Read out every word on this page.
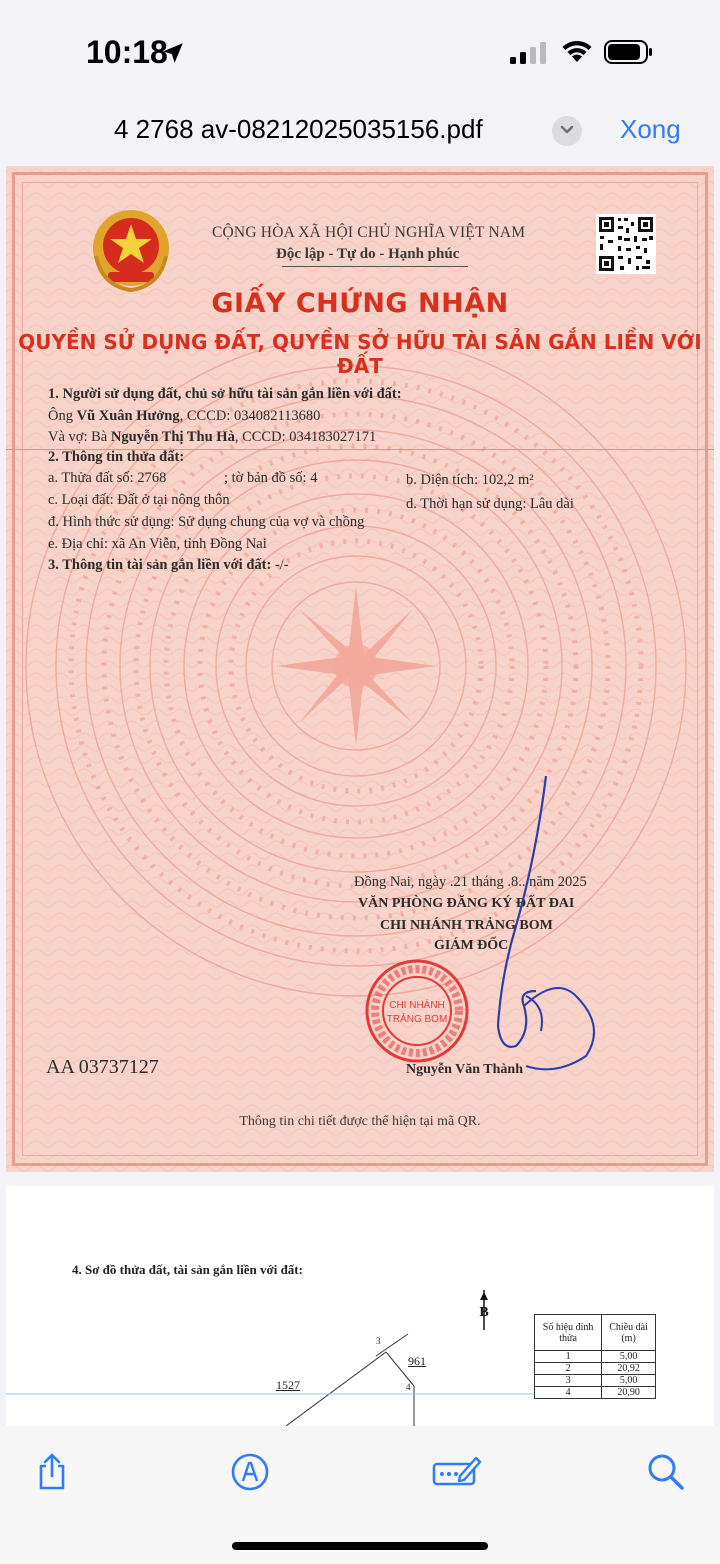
10:18
4 2768 av-08212025035156.pdf	Xong
CỘNG HÒA XÃ HỘI CHỦ NGHĨA VIỆT NAM
Độc lập - Tự do - Hạnh phúc
GIẤY CHỨNG NHẬN
QUYỀN SỬ DỤNG ĐẤT, QUYỀN SỞ HỮU TÀI SẢN GẮN LIỀN VỚI ĐẤT
1. Người sử dụng đất, chủ sở hữu tài sản gắn liền với đất:
Ông Vũ Xuân Hưởng, CCCD: 034082113680
Và vợ: Bà Nguyễn Thị Thu Hà, CCCD: 034183027171
2. Thông tin thửa đất:
a. Thửa đất số: 2768	; tờ bản đồ số: 4	b. Diện tích: 102,2 m²
c. Loại đất: Đất ở tại nông thôn	d. Thời hạn sử dụng: Lâu dài
đ. Hình thức sử dụng: Sử dụng chung của vợ và chồng
e. Địa chỉ: xã An Viễn, tỉnh Đồng Nai
3. Thông tin tài sản gắn liền với đất: -/-
Đồng Nai, ngày .21 tháng .8.. năm 2025
VĂN PHÒNG ĐĂNG KÝ ĐẤT ĐAI
CHI NHÁNH TRẢNG BOM
GIÁM ĐỐC
CHI NHÁNH
TRẢNG BOM
AA 03737127	Nguyễn Văn Thành
Thông tin chi tiết được thể hiện tại mã QR.
4. Sơ đồ thửa đất, tài sản gắn liền với đất:
B
3
4
961
1527
Số hiệu đỉnh thửa	Chiều dài (m)
1	5,00
2	20,92
3	5,00
4	20,90
